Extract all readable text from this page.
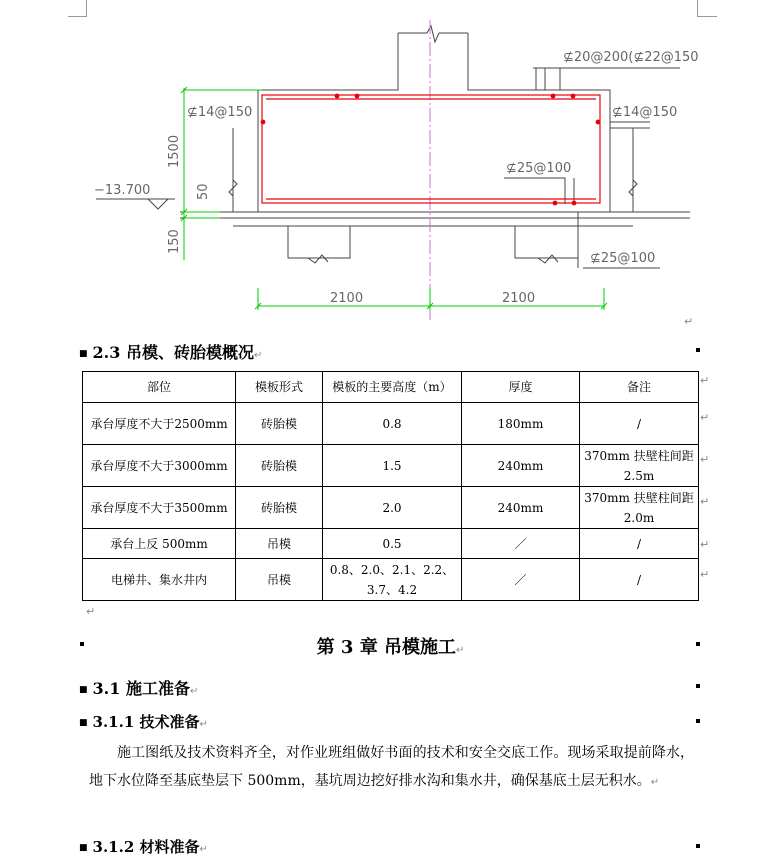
⊈20@200(⊈22@150
⊈14@150	⊈14@150
⊈25@100
⊈25@100
−13.700
2100	2100
1500
50
150
↵
■ 2.3 吊模、砖胎模概况↵
部位	模板形式	模板的主要高度（m）	厚度	备注
承台厚度不大于2500mm	砖胎模	0.8	180mm	/
承台厚度不大于3000mm	砖胎模	1.5	240mm	370mm 扶壁柱间距 2.5m
承台厚度不大于3500mm	砖胎模	2.0	240mm	370mm 扶壁柱间距 2.0m
承台上反 500mm	吊模	0.5	／	/
电梯井、集水井内	吊模	0.8、2.0、2.1、2.2、3.7、4.2	／	/
↵
↵
↵
↵
↵
↵
↵
第 3 章 吊模施工↵
■ 3.1 施工准备↵
■ 3.1.1 技术准备↵
施工图纸及技术资料齐全，对作业班组做好书面的技术和安全交底工作。现场采取提前降水，地下水位降至基底垫层下 500mm，基坑周边挖好排水沟和集水井，确保基底土层无积水。↵
■ 3.1.2 材料准备↵
